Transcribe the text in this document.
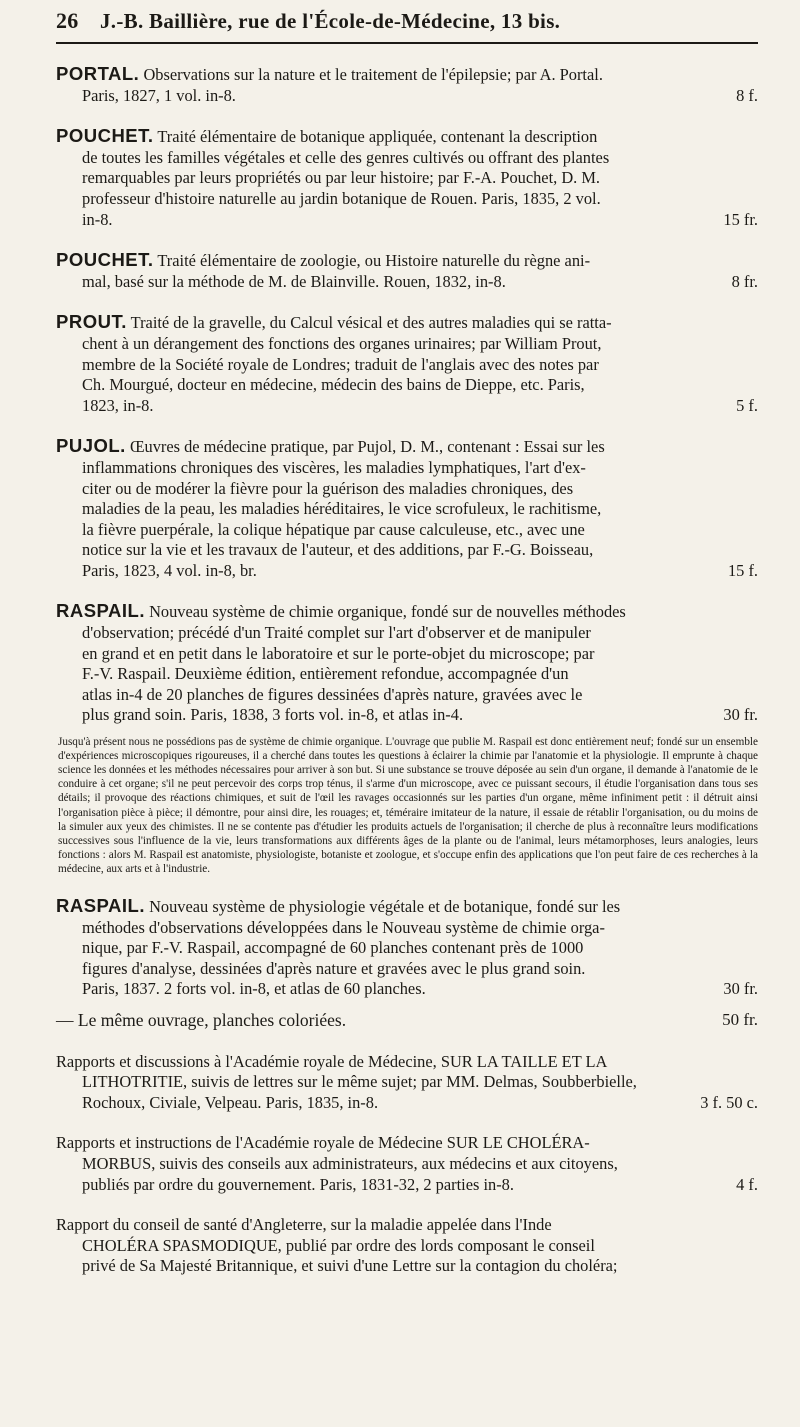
26	J.-B. Baillière, rue de l'École-de-Médecine, 13 bis.
PORTAL. Observations sur la nature et le traitement de l'épilepsie; par A. Portal.
Paris, 1827, 1 vol. in-8.	8 f.
POUCHET. Traité élémentaire de botanique appliquée, contenant la description
de toutes les familles végétales et celle des genres cultivés ou offrant des plantes
remarquables par leurs propriétés ou par leur histoire; par F.-A. Pouchet, D. M.
professeur d'histoire naturelle au jardin botanique de Rouen. Paris, 1835, 2 vol.
in-8.	15 fr.
POUCHET. Traité élémentaire de zoologie, ou Histoire naturelle du règne ani-
mal, basé sur la méthode de M. de Blainville. Rouen, 1832, in-8.	8 fr.
PROUT. Traité de la gravelle, du Calcul vésical et des autres maladies qui se ratta-
chent à un dérangement des fonctions des organes urinaires; par William Prout,
membre de la Société royale de Londres; traduit de l'anglais avec des notes par
Ch. Mourgué, docteur en médecine, médecin des bains de Dieppe, etc. Paris,
1823, in-8.	5 f.
PUJOL. Œuvres de médecine pratique, par Pujol, D. M., contenant : Essai sur les
inflammations chroniques des viscères, les maladies lymphatiques, l'art d'ex-
citer ou de modérer la fièvre pour la guérison des maladies chroniques, des
maladies de la peau, les maladies héréditaires, le vice scrofuleux, le rachitisme,
la fièvre puerpérale, la colique hépatique par cause calculeuse, etc., avec une
notice sur la vie et les travaux de l'auteur, et des additions, par F.-G. Boisseau,
Paris, 1823, 4 vol. in-8, br.	15 f.
RASPAIL. Nouveau système de chimie organique, fondé sur de nouvelles méthodes
d'observation; précédé d'un Traité complet sur l'art d'observer et de manipuler
en grand et en petit dans le laboratoire et sur le porte-objet du microscope; par
F.-V. Raspail. Deuxième édition, entièrement refondue, accompagnée d'un
atlas in-4 de 20 planches de figures dessinées d'après nature, gravées avec le
plus grand soin. Paris, 1838, 3 forts vol. in-8, et atlas in-4.	30 fr.
Jusqu'à présent nous ne possédions pas de système de chimie organique. L'ouvrage que publie M. Raspail est donc entièrement neuf; fondé sur un ensemble d'expériences microscopiques rigoureuses, il a cherché dans toutes les questions à éclairer la chimie par l'anatomie et la physiologie. Il emprunte à chaque science les données et les méthodes nécessaires pour arriver à son but. Si une substance se trouve déposée au sein d'un organe, il demande à l'anatomie de le conduire à cet organe; s'il ne peut percevoir des corps trop ténus, il s'arme d'un microscope, avec ce puissant secours, il étudie l'organisation dans tous ses détails; il provoque des réactions chimiques, et suit de l'œil les ravages occasionnés sur les parties d'un organe, même infiniment petit : il détruit ainsi l'organisation pièce à pièce; il démontre, pour ainsi dire, les rouages; et, téméraire imitateur de la nature, il essaie de rétablir l'organisation, ou du moins de la simuler aux yeux des chimistes. Il ne se contente pas d'étudier les produits actuels de l'organisation; il cherche de plus à reconnaître leurs modifications successives sous l'influence de la vie, leurs transformations aux différents âges de la plante ou de l'animal, leurs métamorphoses, leurs analogies, leurs fonctions : alors M. Raspail est anatomiste, physiologiste, botaniste et zoologue, et s'occupe enfin des applications que l'on peut faire de ces recherches à la médecine, aux arts et à l'industrie.
RASPAIL. Nouveau système de physiologie végétale et de botanique, fondé sur les
méthodes d'observations développées dans le Nouveau système de chimie orga-
nique, par F.-V. Raspail, accompagné de 60 planches contenant près de 1000
figures d'analyse, dessinées d'après nature et gravées avec le plus grand soin.
Paris, 1837. 2 forts vol. in-8, et atlas de 60 planches.	30 fr.
— Le même ouvrage, planches coloriées.	50 fr.
Rapports et discussions à l'Académie royale de Médecine, SUR LA TAILLE ET LA
LITHOTRITIE, suivis de lettres sur le même sujet; par MM. Delmas, Soubberbielle,
Rochoux, Civiale, Velpeau. Paris, 1835, in-8.	3 f. 50 c.
Rapports et instructions de l'Académie royale de Médecine SUR LE CHOLÉRA-
MORBUS, suivis des conseils aux administrateurs, aux médecins et aux citoyens,
publiés par ordre du gouvernement. Paris, 1831-32, 2 parties in-8.	4 f.
Rapport du conseil de santé d'Angleterre, sur la maladie appelée dans l'Inde
CHOLÉRA SPASMODIQUE, publié par ordre des lords composant le conseil
privé de Sa Majesté Britannique, et suivi d'une Lettre sur la contagion du choléra;
